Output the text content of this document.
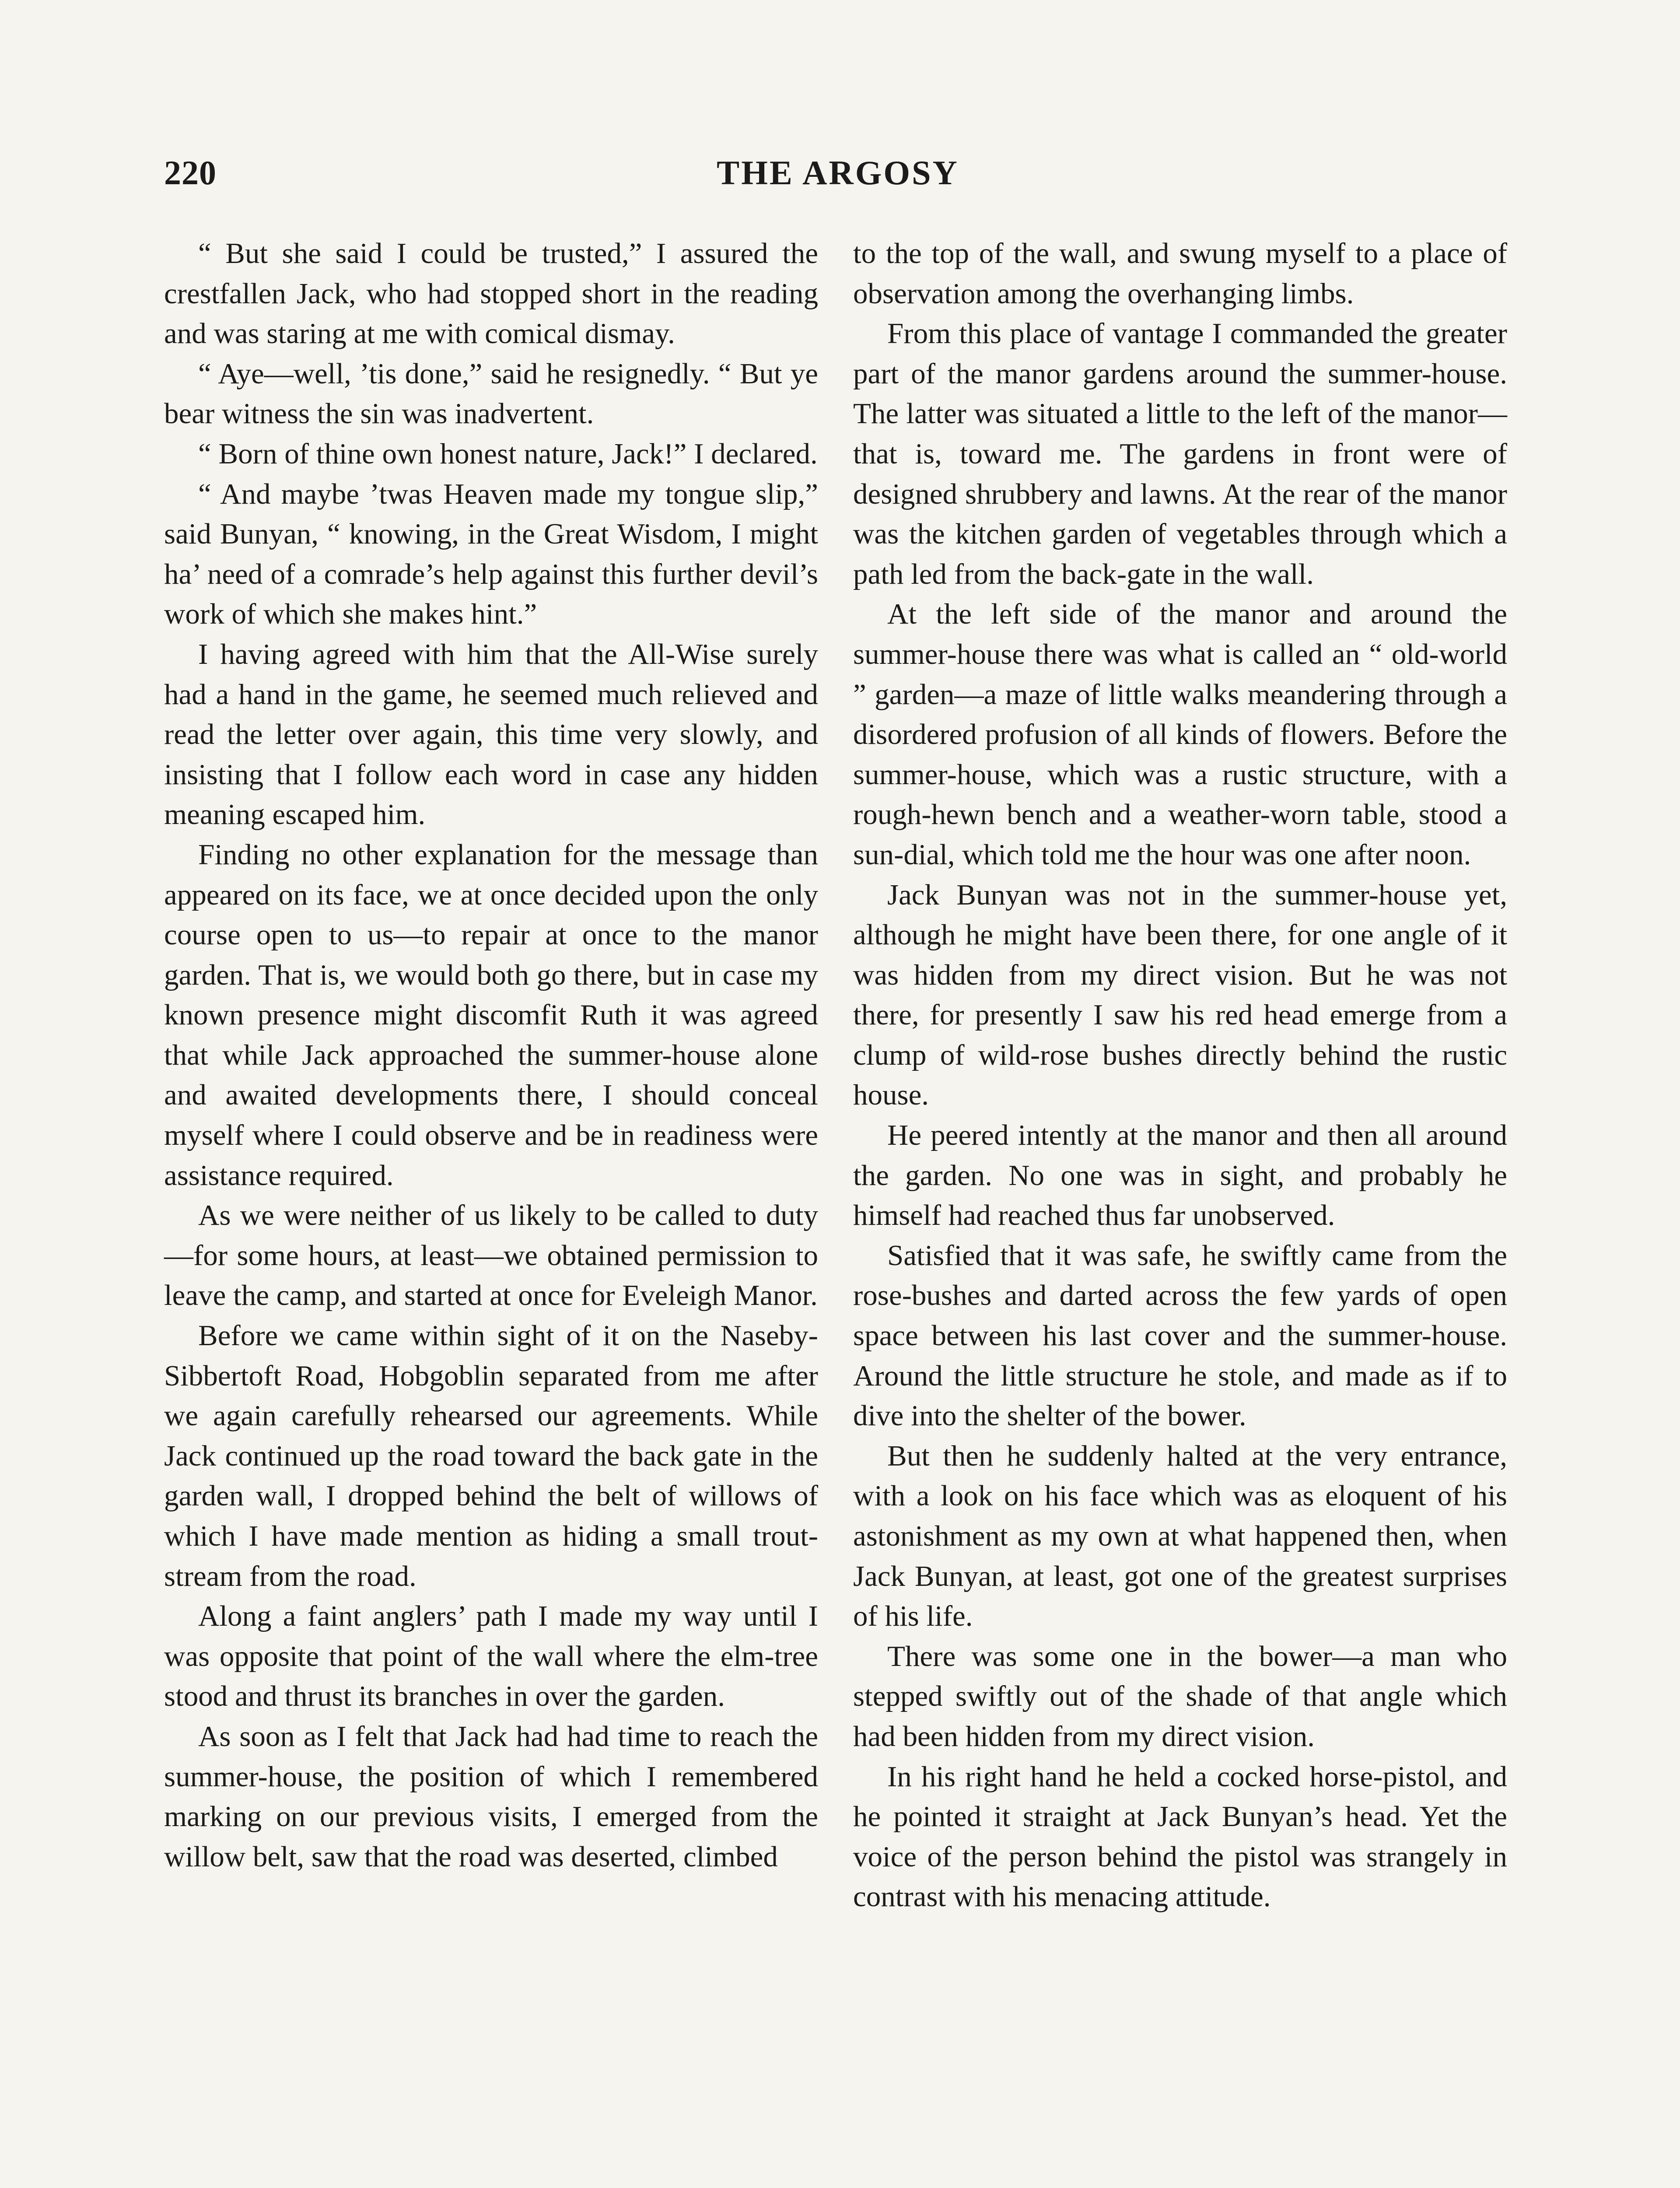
220	THE ARGOSY

“ But she said I could be trusted,” I assured the crestfallen Jack, who had stopped short in the reading and was staring at me with comical dismay.

“ Aye—well, ’tis done,” said he resignedly. “ But ye bear witness the sin was inadvertent.

“ Born of thine own honest nature, Jack!” I declared.

“ And maybe ’twas Heaven made my tongue slip,” said Bunyan, “ knowing, in the Great Wisdom, I might ha’ need of a comrade’s help against this further devil’s work of which she makes hint.”

I having agreed with him that the All-Wise surely had a hand in the game, he seemed much relieved and read the letter over again, this time very slowly, and insisting that I follow each word in case any hidden meaning escaped him.

Finding no other explanation for the message than appeared on its face, we at once decided upon the only course open to us—to repair at once to the manor garden. That is, we would both go there, but in case my known presence might discomfit Ruth it was agreed that while Jack approached the summer-house alone and awaited developments there, I should conceal myself where I could observe and be in readiness were assistance required.

As we were neither of us likely to be called to duty—for some hours, at least—we obtained permission to leave the camp, and started at once for Eveleigh Manor.

Before we came within sight of it on the Naseby-Sibbertoft Road, Hobgoblin separated from me after we again carefully rehearsed our agreements. While Jack continued up the road toward the back gate in the garden wall, I dropped behind the belt of willows of which I have made mention as hiding a small trout-stream from the road.

Along a faint anglers’ path I made my way until I was opposite that point of the wall where the elm-tree stood and thrust its branches in over the garden.

As soon as I felt that Jack had had time to reach the summer-house, the position of which I remembered marking on our previous visits, I emerged from the willow belt, saw that the road was deserted, climbed

to the top of the wall, and swung myself to a place of observation among the overhanging limbs.

From this place of vantage I commanded the greater part of the manor gardens around the summer-house. The latter was situated a little to the left of the manor—that is, toward me. The gardens in front were of designed shrubbery and lawns. At the rear of the manor was the kitchen garden of vegetables through which a path led from the back-gate in the wall.

At the left side of the manor and around the summer-house there was what is called an “ old-world ” garden—a maze of little walks meandering through a disordered profusion of all kinds of flowers. Before the summer-house, which was a rustic structure, with a rough-hewn bench and a weather-worn table, stood a sun-dial, which told me the hour was one after noon.

Jack Bunyan was not in the summer-house yet, although he might have been there, for one angle of it was hidden from my direct vision. But he was not there, for presently I saw his red head emerge from a clump of wild-rose bushes directly behind the rustic house.

He peered intently at the manor and then all around the garden. No one was in sight, and probably he himself had reached thus far unobserved.

Satisfied that it was safe, he swiftly came from the rose-bushes and darted across the few yards of open space between his last cover and the summer-house. Around the little structure he stole, and made as if to dive into the shelter of the bower.

But then he suddenly halted at the very entrance, with a look on his face which was as eloquent of his astonishment as my own at what happened then, when Jack Bunyan, at least, got one of the greatest surprises of his life.

There was some one in the bower—a man who stepped swiftly out of the shade of that angle which had been hidden from my direct vision.

In his right hand he held a cocked horse-pistol, and he pointed it straight at Jack Bunyan’s head. Yet the voice of the person behind the pistol was strangely in contrast with his menacing attitude.
